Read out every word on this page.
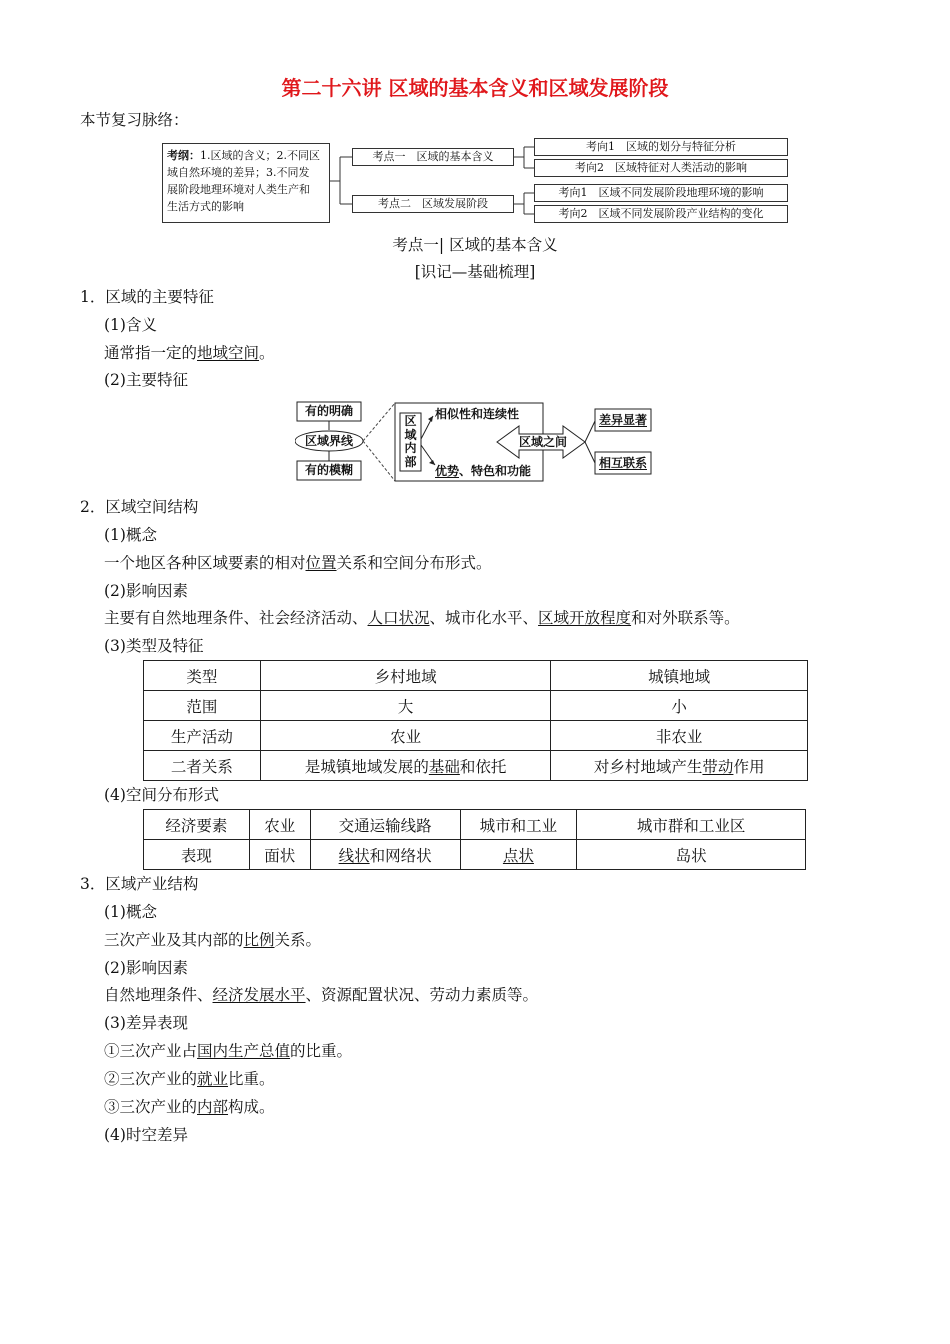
第二十六讲 区域的基本含义和区域发展阶段
本节复习脉络：
考纲：1.区域的含义；2.不同区
域自然环境的差异；3.不同发
展阶段地理环境对人类生产和
生活方式的影响
考点一　区域的基本含义
考点二　区域发展阶段
考向1　区域的划分与特征分析
考向2　区域特征对人类活动的影响
考向1　区域不同发展阶段地理环境的影响
考向2　区域不同发展阶段产业结构的变化
考点一| 区域的基本含义
[识记—基础梳理]
1．区域的主要特征
(1)含义
通常指一定的地域空间。
(2)主要特征
有的明确
有的模糊
区域界线
区域内部
相似性和连续性
优势、特色和功能
区域之间
差异显著
相互联系
2．区域空间结构
(1)概念
一个地区各种区域要素的相对位置关系和空间分布形式。
(2)影响因素
主要有自然地理条件、社会经济活动、人口状况、城市化水平、区域开放程度和对外联系等。
(3)类型及特征
类型	乡村地域	城镇地域
范围	大	小
生产活动	农业	非农业
二者关系	是城镇地域发展的基础和依托	对乡村地域产生带动作用
(4)空间分布形式
经济要素	农业	交通运输线路	城市和工业	城市群和工业区
表现	面状	线状和网络状	点状	岛状
3．区域产业结构
(1)概念
三次产业及其内部的比例关系。
(2)影响因素
自然地理条件、经济发展水平、资源配置状况、劳动力素质等。
(3)差异表现
①三次产业占国内生产总值的比重。
②三次产业的就业比重。
③三次产业的内部构成。
(4)时空差异
